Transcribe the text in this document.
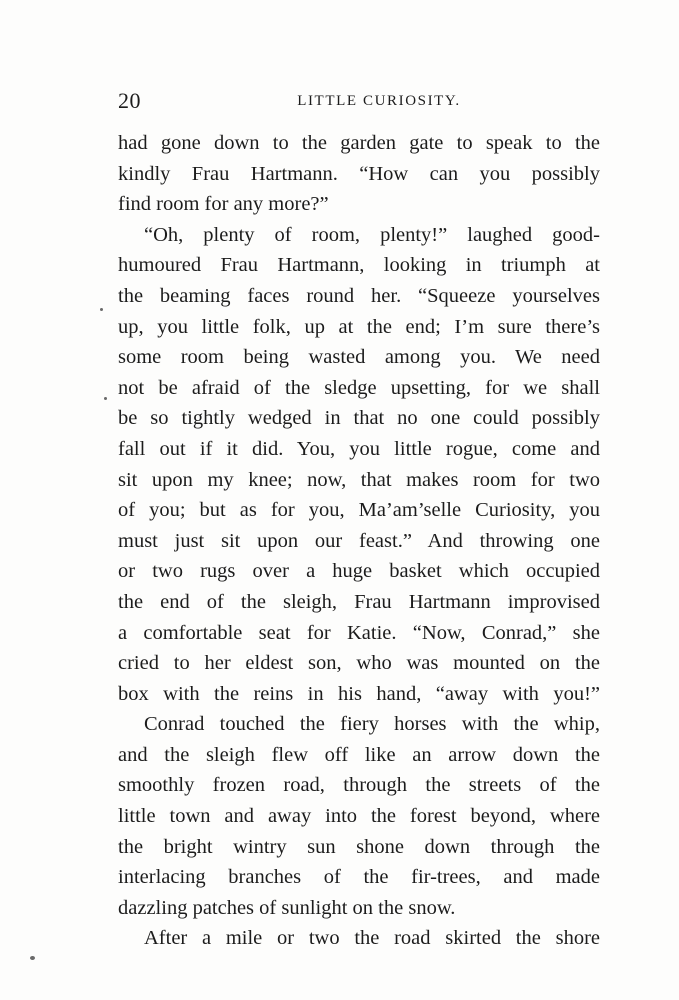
20	LITTLE CURIOSITY.
had gone down to the garden gate to speak to the
kindly Frau Hartmann. “How can you possibly
find room for any more?”
“Oh, plenty of room, plenty!” laughed good-
humoured Frau Hartmann, looking in triumph at
the beaming faces round her. “Squeeze yourselves
up, you little folk, up at the end; I’m sure there’s
some room being wasted among you. We need
not be afraid of the sledge upsetting, for we shall
be so tightly wedged in that no one could possibly
fall out if it did. You, you little rogue, come and
sit upon my knee; now, that makes room for two
of you; but as for you, Ma’am’selle Curiosity, you
must just sit upon our feast.” And throwing one
or two rugs over a huge basket which occupied
the end of the sleigh, Frau Hartmann improvised
a comfortable seat for Katie. “Now, Conrad,” she
cried to her eldest son, who was mounted on the
box with the reins in his hand, “away with you!”
Conrad touched the fiery horses with the whip,
and the sleigh flew off like an arrow down the
smoothly frozen road, through the streets of the
little town and away into the forest beyond, where
the bright wintry sun shone down through the
interlacing branches of the fir-trees, and made
dazzling patches of sunlight on the snow.
After a mile or two the road skirted the shore
